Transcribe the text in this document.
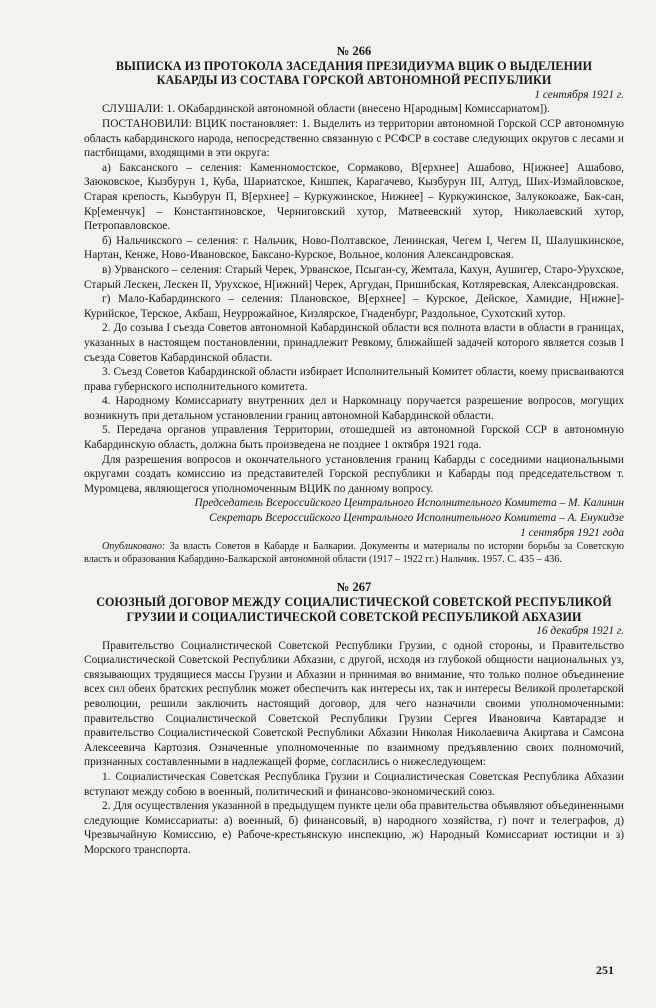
№ 266

ВЫПИСКА ИЗ ПРОТОКОЛА ЗАСЕДАНИЯ ПРЕЗИДИУМА ВЦИК О ВЫДЕЛЕНИИ КАБАРДЫ ИЗ СОСТАВА ГОРСКОЙ АВТОНОМНОЙ РЕСПУБЛИКИ

1 сентября 1921 г.

СЛУШАЛИ: 1. ОКабардинской автономной области (внесено Н[ародным] Комиссариатом]).

ПОСТАНОВИЛИ: ВЦИК постановляет: 1. Выделить из территории автономной Горской ССР автономную область кабардинского народа, непосредственно связанную с РСФСР в составе следующих округов с лесами и пастбищами, входящими в эти округа:

а) Баксанского – селения: Каменномостское, Сормаково, В[ерхнее] Ашабово, Н[ижнее] Ашабово, Заюковское, Кызбурун 1, Куба, Шариатское, Кишпек, Карагачево, Кызбурун III, Алтуд, Ших-Измайловское, Старая крепость, Кызбурун П, В[ерхнее] – Куркужинское, Нижнее] – Куркужинское, Залукокоаже, Бак-сан, Кр[еменчук] – Константиновское, Черниговский хутор, Матвеевский хутор, Николаевский хутор, Петропавловское.

б) Нальчикского – селения: г. Нальчик, Ново-Полтавское, Ленинская, Чегем I, Чегем II, Шалушкинское, Нартан, Кенже, Ново-Ивановское, Баксано-Курское, Вольное, колония Александровская.

в) Урванского – селения: Старый Черек, Урванское, Псыган-су, Жемтала, Кахун, Аушигер, Старо-Урухское, Старый Лескен, Лескен II, Урухское, Н[ижний] Черек, Аргудан, Пришибская, Котляревская, Александровская.

г) Мало-Кабардинского – селения: Плановское, В[ерхнее] – Курское, Дейское, Хамидие, Н[ижне]-Курийское, Терское, Акбаш, Неуррожайное, Кизлярское, Гнаденбург, Раздольное, Сухотский хутор.

2. До созыва I съезда Советов автономной Кабардинской области вся полнота власти в области в границах, указанных в настоящем постановлении, принадлежит Ревкому, ближайшей задачей которого является созыв I съезда Советов Кабардинской области.

3. Съезд Советов Кабардинской области избирает Исполнительный Комитет области, коему присваиваются права губернского исполнительного комитета.

4. Народному Комиссариату внутренних дел и Наркомнацу поручается разрешение вопросов, могущих возникнуть при детальном установлении границ автономной Кабардинской области.

5. Передача органов управления Территории, отошедшей из автономной Горской ССР в автономную Кабардинскую область, должна быть произведена не позднее 1 октября 1921 года.

Для разрешения вопросов и окончательного установления границ Кабарды с соседними национальными округами создать комиссию из представителей Горской республики и Кабарды под председательством т. Муромцева, являющегося уполномоченным ВЦИК по данному вопросу.

Председатель Всероссийского Центрального Исполнительного Комитета – М. Калинин

Секретарь Всероссийского Центрального Исполнительного Комитета – А. Енукидзе

1 сентября 1921 года

Опубликовано: За власть Советов в Кабарде и Балкарии. Документы и материалы по истории борьбы за Советскую власть и образования Кабардино-Балкарской автономной области (1917 – 1922 гг.) Нальчик. 1957. С. 435 – 436.

№ 267

СОЮЗНЫЙ ДОГОВОР МЕЖДУ СОЦИАЛИСТИЧЕСКОЙ СОВЕТСКОЙ РЕСПУБЛИКОЙ ГРУЗИИ И СОЦИАЛИСТИЧЕСКОЙ СОВЕТСКОЙ РЕСПУБЛИКОЙ АБХАЗИИ

16 декабря 1921 г.

Правительство Социалистической Советской Республики Грузии, с одной стороны, и Правительство Социалистической Советской Республики Абхазии, с другой, исходя из глубокой общности национальных уз, связывающих трудящиеся массы Грузии и Абхазии и принимая во внимание, что только полное объединение всех сил обеих братских республик может обеспечить как интересы их, так и интересы Великой пролетарской революции, решили заключить настоящий договор, для чего назначили своими уполномоченными: правительство Социалистической Советской Республики Грузии Сергея Ивановича Кавтарадзе и правительство Социалистической Советской Республики Абхазии Николая Николаевича Акиртава и Самсона Алексеевича Картозия. Означенные уполномоченные по взаимному предъявлению своих полномочий, признанных составленными в надлежащей форме, согласились о нижеследующем:

1. Социалистическая Советская Республика Грузии и Социалистическая Советская Республика Абхазии вступают между собою в военный, политический и финансово-экономический союз.

2. Для осуществления указанной в предыдущем пункте цели оба правительства объявляют объединенными следующие Комиссариаты: а) военный, б) финансовый, в) народного хозяйства, г) почт и телеграфов, д) Чрезвычайную Комиссию, е) Рабоче-крестьянскую инспекцию, ж) Народный Комиссариат юстиции и з) Морского транспорта.

251
